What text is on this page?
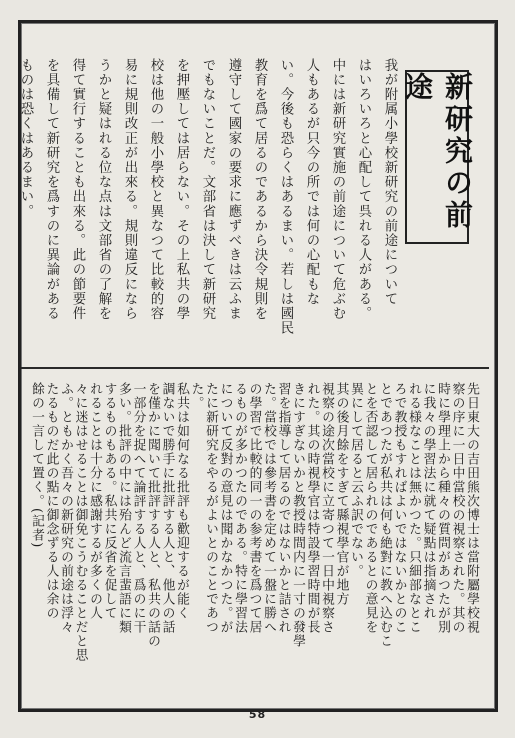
新研究の前途
我が附属小學校新研究の前途について
はいろいろと心配して呉れる人がある。
中には新研究實施の前途について危ぶむ
人もあるが只今の所では何の心配もな
い。今後も恐らくはあるまい。若しは國民
教育を爲て居るのであるから決令規則を
遵守して國家の要求に應ずべきは云ふま
でもないことだ。文部省は決して新研究
を押壓しては居らない。その上私共の學
校は他の一般小學校と異なつて比較的容
易に規則改正が出來る。規則違反になら
うかと疑はれる位な点は文部省の了解を
得て實行することも出來る。此の節要件
を具備して新研究を爲すのに異論がある
ものは恐くはあるまい。
先日東大の吉田熊次博士は當附屬學校視
察の序に一日中當校の視察された。其の
時に學理上から種々の質問があつたが別
に我々の學習法に就て疑點は指摘され
れる様なことは無かつた。只細部なとこ
ろで教授もすればよいではないかとのこ
とであつたが私共は何も絶對に教へ込むこ
とを否認して居られのであるとの意見を
異にして居ると云ふ訳でない。
其の後月餘をすぎて縣視學官が地方
視察の途次當校に立寄つて一日中視察さ
れた。其の時視學官は特設學習時間が長
きにすぎないかと教授時間内に一寸の發學
習を指導して居るのではないかと詰され
た。當校では參考書を定めて一盤に勝へ
の學習で比較的同一の参考書を爲つて居
るものが多かつたのである。特に學習法
について反對の意見は聞かなかつた。が
たに新研究をやるがよいとのことであつ
た。
私共は如何なる批評も歡迎するが能く
調ないで勝手に批評する人と、他人の話
を僅かに聞いて批評する人と、私共の話の
一部分を捉へて論評する人と、爲のに干
多い。批評の中には殆んど流言蜚語に類
するものもある。私共に反省を促して
れることは十分に感謝するが多くの人
々に迷はせることは御免こうむることだと思
ふ。ともかく吾々の新研究の前途は浮々
たるものだ此の點に御念ずる人は余の
餘の一言して置く。(記者)
58
